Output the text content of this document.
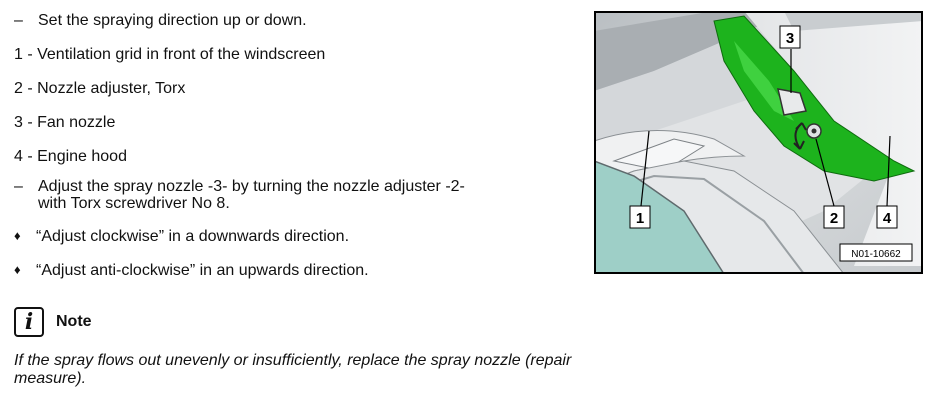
– Set the spraying direction up or down.
1 - Ventilation grid in front of the windscreen
2 - Nozzle adjuster, Torx
3 - Fan nozzle
4 - Engine hood
– Adjust the spray nozzle -3- by turning the nozzle adjuster -2-
with Torx screwdriver No 8.
♦ “Adjust clockwise” in a downwards direction.
♦ “Adjust anti-clockwise” in an upwards direction.
i Note
If the spray flows out unevenly or insufficiently, replace the spray nozzle (repair measure).
3
1	2	4
N01-10662
